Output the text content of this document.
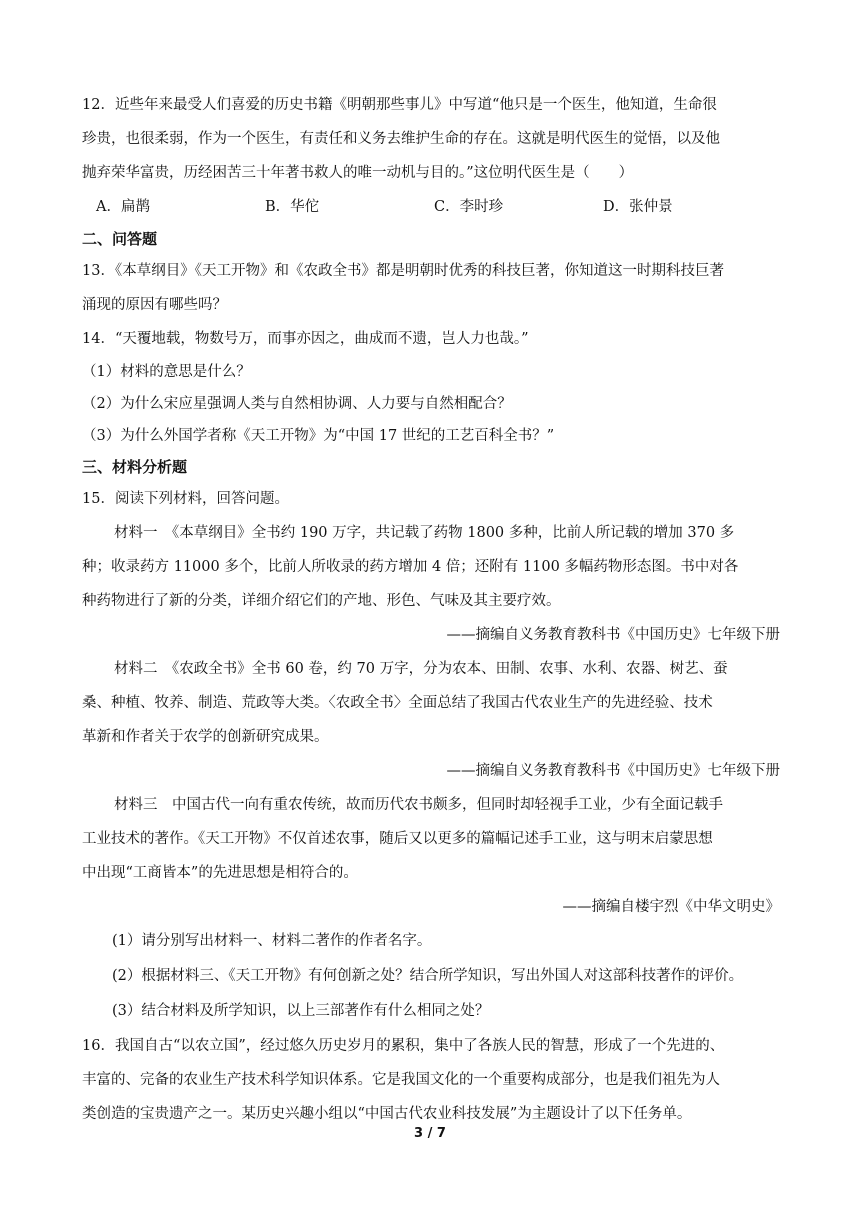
12．近些年来最受人们喜爱的历史书籍《明朝那些事儿》中写道“他只是一个医生，他知道，生命很

珍贵，也很柔弱，作为一个医生，有责任和义务去维护生命的存在。这就是明代医生的觉悟，以及他

抛弃荣华富贵，历经困苦三十年著书救人的唯一动机与目的。”这位明代医生是（　　）

A．扁鹊	B．华佗	C．李时珍	D．张仲景

二、问答题

13．《本草纲目》《天工开物》和《农政全书》都是明朝时优秀的科技巨著，你知道这一时期科技巨著

涌现的原因有哪些吗？

14．“天覆地载，物数号万，而事亦因之，曲成而不遗，岂人力也哉。”

（1）材料的意思是什么？

（2）为什么宋应星强调人类与自然相协调、人力要与自然相配合？

（3）为什么外国学者称《天工开物》为“中国 17 世纪的工艺百科全书？”

三、材料分析题

15．阅读下列材料，回答问题。

材料一　《本草纲目》全书约 190 万字，共记载了药物 1800 多种，比前人所记载的增加 370 多

种；收录药方 11000 多个，比前人所收录的药方增加 4 倍；还附有 1100 多幅药物形态图。书中对各

种药物进行了新的分类，详细介绍它们的产地、形色、气味及其主要疗效。

——摘编自义务教育教科书《中国历史》七年级下册

材料二　《农政全书》全书 60 卷，约 70 万字，分为农本、田制、农事、水利、农器、树艺、蚕

桑、种植、牧养、制造、荒政等大类。〈农政全书〉全面总结了我国古代农业生产的先进经验、技术

革新和作者关于农学的创新研究成果。

——摘编自义务教育教科书《中国历史》七年级下册

材料三　中国古代一向有重农传统，故而历代农书颇多，但同时却轻视手工业，少有全面记载手

工业技术的著作。《天工开物》不仅首述农事，随后又以更多的篇幅记述手工业，这与明末启蒙思想

中出现“工商皆本”的先进思想是相符合的。

——摘编自楼宇烈《中华文明史》

(1）请分别写出材料一、材料二著作的作者名字。

(2）根据材料三、《天工开物》有何创新之处？结合所学知识，写出外国人对这部科技著作的评价。

(3）结合材料及所学知识，以上三部著作有什么相同之处？

16．我国自古“以农立国”，经过悠久历史岁月的累积，集中了各族人民的智慧，形成了一个先进的、

丰富的、完备的农业生产技术科学知识体系。它是我国文化的一个重要构成部分，也是我们祖先为人

类创造的宝贵遗产之一。某历史兴趣小组以“中国古代农业科技发展”为主题设计了以下任务单。

3 / 7
